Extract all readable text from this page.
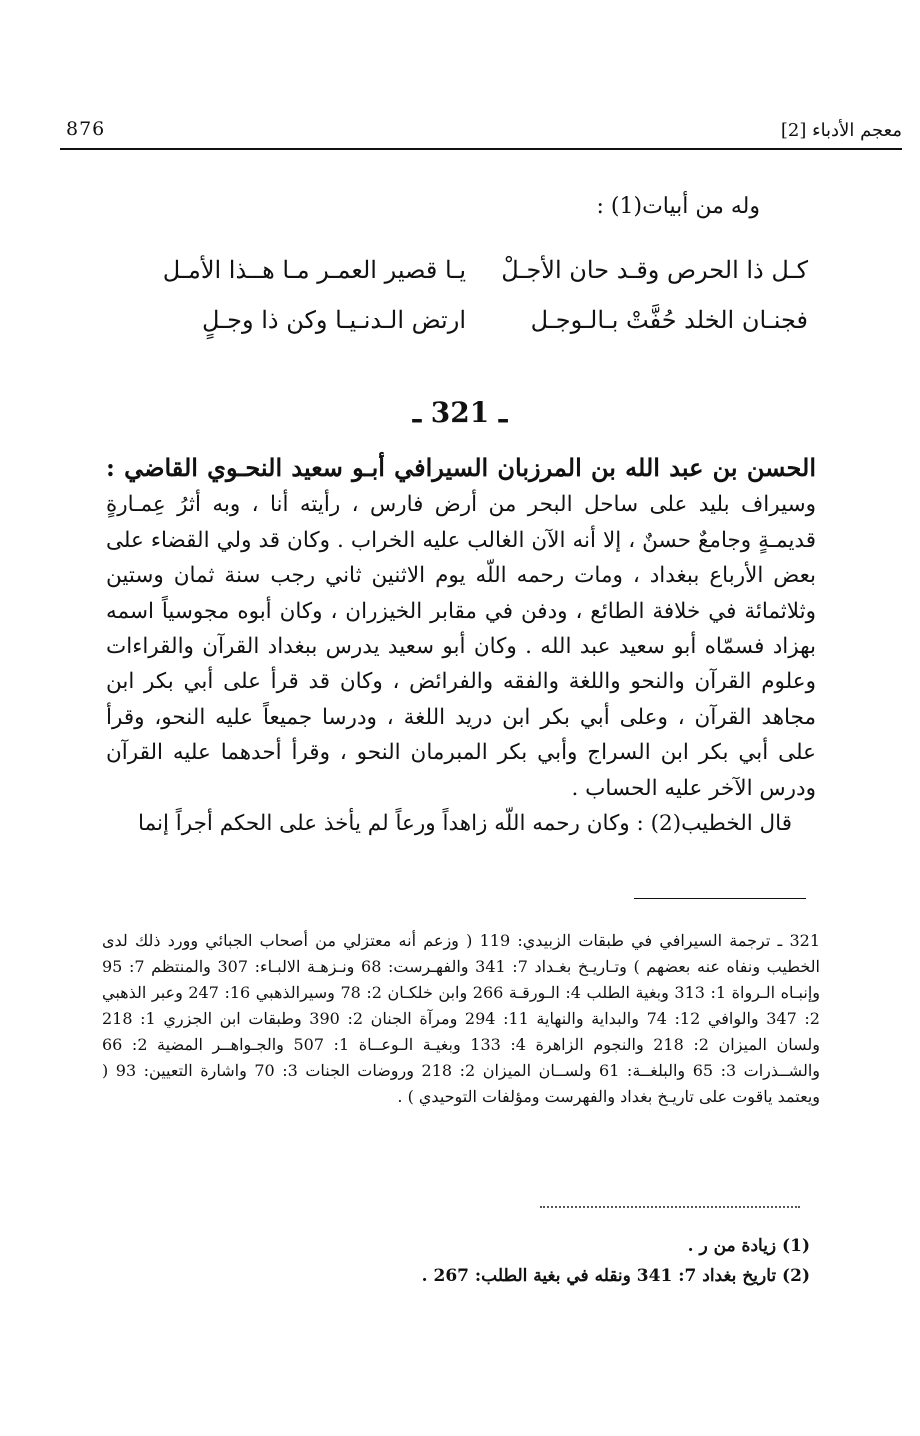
876	معجم الأدباء [2]
وله من أبيات(1) :
يـا قصير العمـر مـا هــذا الأمـل كـل ذا الحرص وقـد حان الأجـلْ
ارتض الـدنـيـا وكن ذا وجـلٍ	فجنـان الخلد حُفَّتْ بـالـوجـل
ـ 321 ـ

الحسن بن عبد الله بن المرزبان السيرافي أبـو سعيد النحـوي القاضي : وسيراف بليد على ساحل البحر من أرض فارس ، رأيته أنا ، وبه أثرُ عِمـارةٍ قديمـةٍ وجامعٌ حسنٌ ، إلا أنه الآن الغالب عليه الخراب . وكان قد ولي القضاء على بعض الأرباع ببغداد ، ومات رحمه اللّه يوم الاثنين ثاني رجب سنة ثمان وستين وثلاثمائة في خلافة الطائع ، ودفن في مقابر الخيزران ، وكان أبوه مجوسياً اسمه بهزاد فسمّاه أبو سعيد عبد الله . وكان أبو سعيد يدرس ببغداد القرآن والقراءات وعلوم القرآن والنحو واللغة والفقه والفرائض ، وكان قد قرأ على أبي بكر ابن مجاهد القرآن ، وعلى أبي بكر ابن دريد اللغة ، ودرسا جميعاً عليه النحو، وقرأ على أبي بكر ابن السراج وأبي بكر المبرمان النحو ، وقرأ أحدهما عليه القرآن ودرس الآخر عليه الحساب .

قال الخطيب(2) : وكان رحمه اللّه زاهداً ورعاً لم يأخذ على الحكم أجراً إنما

321 ـ ترجمة السيرافي في طبقات الزبيدي: 119 ( وزعم أنه معتزلي من أصحاب الجبائي وورد ذلك لدى الخطيب ونفاه عنه بعضهم ) وتـاريـخ بغـداد 7: 341 والفهـرست: 68 ونـزهـة الالبـاء: 307 والمنتظم 7: 95 وإنبـاه الـرواة 1: 313 وبغية الطلب 4: الـورقـة 266 وابن خلكـان 2: 78 وسيرالذهبي 16: 247 وعبر الذهبي 2: 347 والوافي 12: 74 والبداية والنهاية 11: 294 ومرآة الجنان 2: 390 وطبقات ابن الجزري 1: 218 ولسان الميزان 2: 218 والنجوم الزاهرة 4: 133 وبغيـة الـوعــاة 1: 507 والجـواهــر المضية 2: 66 والشــذرات 3: 65 والبلغــة: 61 ولســان الميزان 2: 218 وروضات الجنات 3: 70 واشارة التعيين: 93 ( ويعتمد ياقوت على تاريـخ بغداد والفهرست ومؤلفات التوحيدي ) .

(1) زيادة من ر .
(2) تاريخ بغداد 7: 341 ونقله في بغية الطلب: 267 .
